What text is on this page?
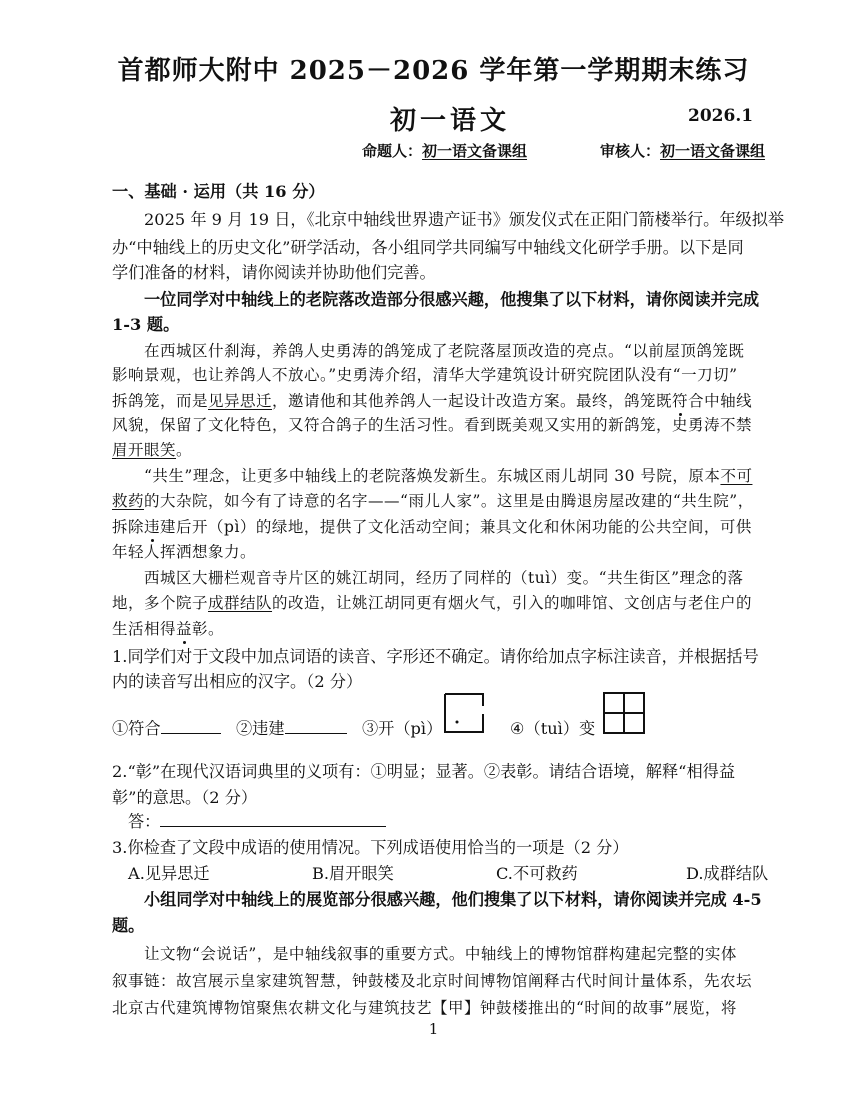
首都师大附中 2025－2026 学年第一学期期末练习
初一语文	2026.1
命题人：初一语文备课组	审核人：初一语文备课组
一、基础 · 运用（共 16 分）
2025 年 9 月 19 日，《北京中轴线世界遗产证书》颁发仪式在正阳门箭楼举行。年级拟举
办“中轴线上的历史文化”研学活动，各小组同学共同编写中轴线文化研学手册。以下是同
学们准备的材料，请你阅读并协助他们完善。
一位同学对中轴线上的老院落改造部分很感兴趣，他搜集了以下材料，请你阅读并完成
1-3 题。
在西城区什刹海，养鸽人史勇涛的鸽笼成了老院落屋顶改造的亮点。“以前屋顶鸽笼既
影响景观，也让养鸽人不放心。”史勇涛介绍，清华大学建筑设计研究院团队没有“一刀切”
拆鸽笼，而是见异思迁，邀请他和其他养鸽人一起设计改造方案。最终，鸽笼既符合中轴线
风貌，保留了文化特色，又符合鸽子的生活习性。看到既美观又实用的新鸽笼，史勇涛不禁
眉开眼笑。
“共生”理念，让更多中轴线上的老院落焕发新生。东城区雨儿胡同 30 号院，原本不可
救药的大杂院，如今有了诗意的名字——“雨儿人家”。这里是由腾退房屋改建的“共生院”，
拆除违建后开（pì）的绿地，提供了文化活动空间；兼具文化和休闲功能的公共空间，可供
年轻人挥洒想象力。
西城区大栅栏观音寺片区的姚江胡同，经历了同样的（tuì）变。“共生街区”理念的落
地，多个院子成群结队的改造，让姚江胡同更有烟火气，引入的咖啡馆、文创店与老住户的
生活相得益彰。
1.同学们对于文段中加点词语的读音、字形还不确定。请你给加点字标注读音，并根据括号
内的读音写出相应的汉字。（2 分）
①符合	②违建	③开（pì）	④（tuì）变
2.“彰”在现代汉语词典里的义项有：①明显；显著。②表彰。请结合语境，解释“相得益
彰”的意思。（2 分）
答：
3.你检查了文段中成语的使用情况。下列成语使用恰当的一项是（2 分）
A.见异思迁	B.眉开眼笑	C.不可救药	D.成群结队
小组同学对中轴线上的展览部分很感兴趣，他们搜集了以下材料，请你阅读并完成 4-5
题。
让文物“会说话”，是中轴线叙事的重要方式。中轴线上的博物馆群构建起完整的实体
叙事链：故宫展示皇家建筑智慧，钟鼓楼及北京时间博物馆阐释古代时间计量体系，先农坛
北京古代建筑博物馆聚焦农耕文化与建筑技艺【甲】钟鼓楼推出的“时间的故事”展览，将
1
